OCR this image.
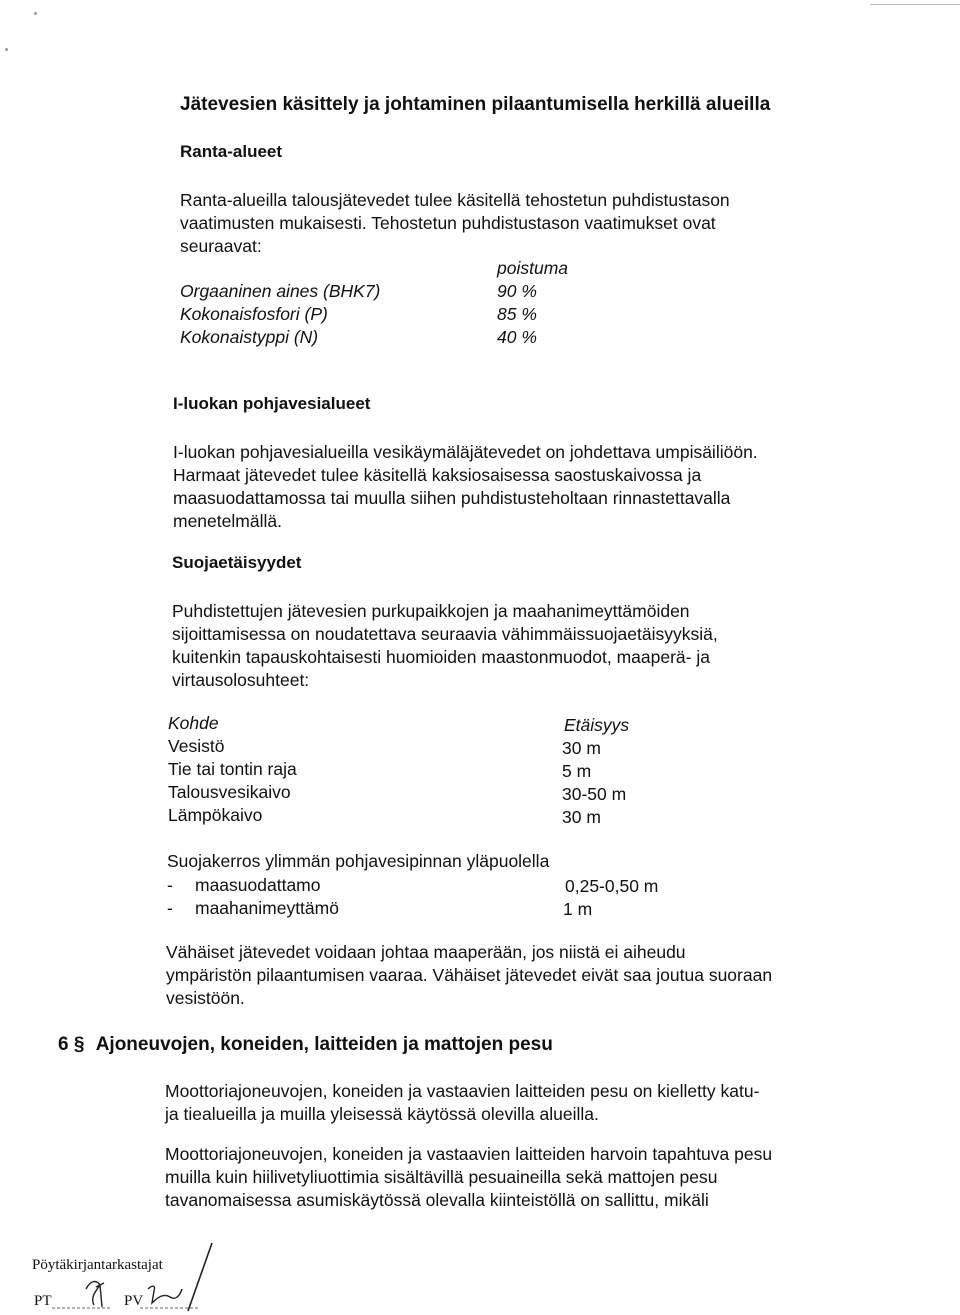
Jätevesien käsittely ja johtaminen pilaantumisella herkillä alueilla
Ranta-alueet
Ranta-alueilla talousjätevedet tulee käsitellä tehostetun puhdistustason
vaatimusten mukaisesti. Tehostetun puhdistustason vaatimukset ovat
seuraavat:
poistuma
Orgaaninen aines (BHK7)	90 %
Kokonaisfosfori (P)	85 %
Kokonaistyppi (N)	40 %
I-luokan pohjavesialueet
I-luokan pohjavesialueilla vesikäymäläjätevedet on johdettava umpisäiliöön.
Harmaat jätevedet tulee käsitellä kaksiosaisessa saostuskaivossa ja
maasuodattamossa tai muulla siihen puhdistusteholtaan rinnastettavalla
menetelmällä.
Suojaetäisyydet
Puhdistettujen jätevesien purkupaikkojen ja maahanimeyttämöiden
sijoittamisessa on noudatettava seuraavia vähimmäissuojaetäisyyksiä,
kuitenkin tapauskohtaisesti huomioiden maastonmuodot, maaperä- ja
virtausolosuhteet:
Kohde	Etäisyys
Vesistö	30 m
Tie tai tontin raja	5 m
Talousvesikaivo	30-50 m
Lämpökaivo	30 m
Suojakerros ylimmän pohjavesipinnan yläpuolella
- maasuodattamo	0,25-0,50 m
- maahanimeyttämö	1 m
Vähäiset jätevedet voidaan johtaa maaperään, jos niistä ei aiheudu
ympäristön pilaantumisen vaaraa. Vähäiset jätevedet eivät saa joutua suoraan
vesistöön.
6 § Ajoneuvojen, koneiden, laitteiden ja mattojen pesu
Moottoriajoneuvojen, koneiden ja vastaavien laitteiden pesu on kielletty katu-
ja tiealueilla ja muilla yleisessä käytössä olevilla alueilla.
Moottoriajoneuvojen, koneiden ja vastaavien laitteiden harvoin tapahtuva pesu
muilla kuin hiilivetyliuottimia sisältävillä pesuaineilla sekä mattojen pesu
tavanomaisessa asumiskäytössä olevalla kiinteistöllä on sallittu, mikäli
Pöytäkirjantarkastajat
PT	PV
